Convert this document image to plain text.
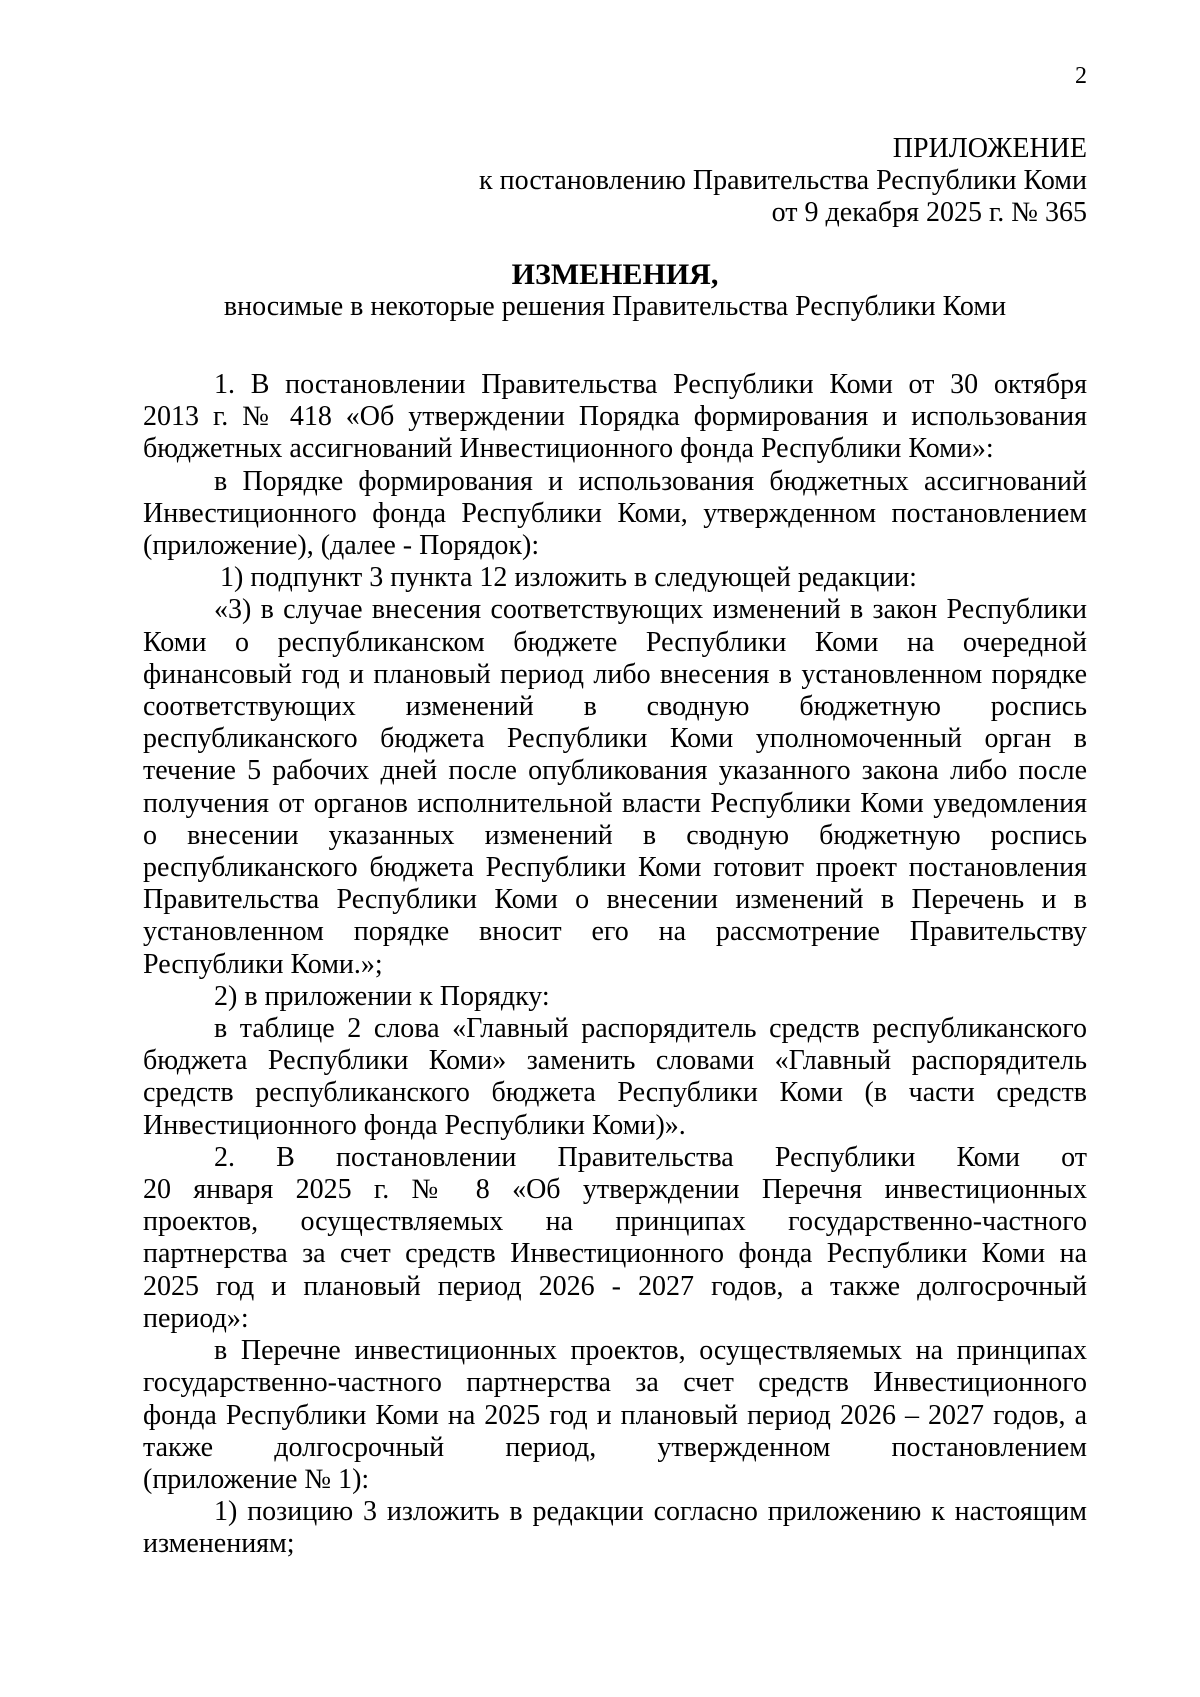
2
ПРИЛОЖЕНИЕ
к постановлению Правительства Республики Коми
от 9 декабря 2025 г. № 365
ИЗМЕНЕНИЯ,
вносимые в некоторые решения Правительства Республики Коми
1. В постановлении Правительства Республики Коми от 30 октября
2013 г. № 418 «Об утверждении Порядка формирования и использования
бюджетных ассигнований Инвестиционного фонда Республики Коми»:
в Порядке формирования и использования бюджетных ассигнований
Инвестиционного фонда Республики Коми, утвержденном постановлением
(приложение), (далее - Порядок):
1) подпункт 3 пункта 12 изложить в следующей редакции:
«3) в случае внесения соответствующих изменений в закон Республики
Коми о республиканском бюджете Республики Коми на очередной
финансовый год и плановый период либо внесения в установленном порядке
соответствующих изменений в сводную бюджетную роспись
республиканского бюджета Республики Коми уполномоченный орган в
течение 5 рабочих дней после опубликования указанного закона либо после
получения от органов исполнительной власти Республики Коми уведомления
о внесении указанных изменений в сводную бюджетную роспись
республиканского бюджета Республики Коми готовит проект постановления
Правительства Республики Коми о внесении изменений в Перечень и в
установленном порядке вносит его на рассмотрение Правительству
Республики Коми.»;
2) в приложении к Порядку:
в таблице 2 слова «Главный распорядитель средств республиканского
бюджета Республики Коми» заменить словами «Главный распорядитель
средств республиканского бюджета Республики Коми (в части средств
Инвестиционного фонда Республики Коми)».
2. В постановлении Правительства Республики Коми от
20 января 2025 г. № 8 «Об утверждении Перечня инвестиционных
проектов, осуществляемых на принципах государственно-частного
партнерства за счет средств Инвестиционного фонда Республики Коми на
2025 год и плановый период 2026 - 2027 годов, а также долгосрочный
период»:
в Перечне инвестиционных проектов, осуществляемых на принципах
государственно-частного партнерства за счет средств Инвестиционного
фонда Республики Коми на 2025 год и плановый период 2026 – 2027 годов, а
также долгосрочный период, утвержденном постановлением
(приложение № 1):
1) позицию 3 изложить в редакции согласно приложению к настоящим
изменениям;
